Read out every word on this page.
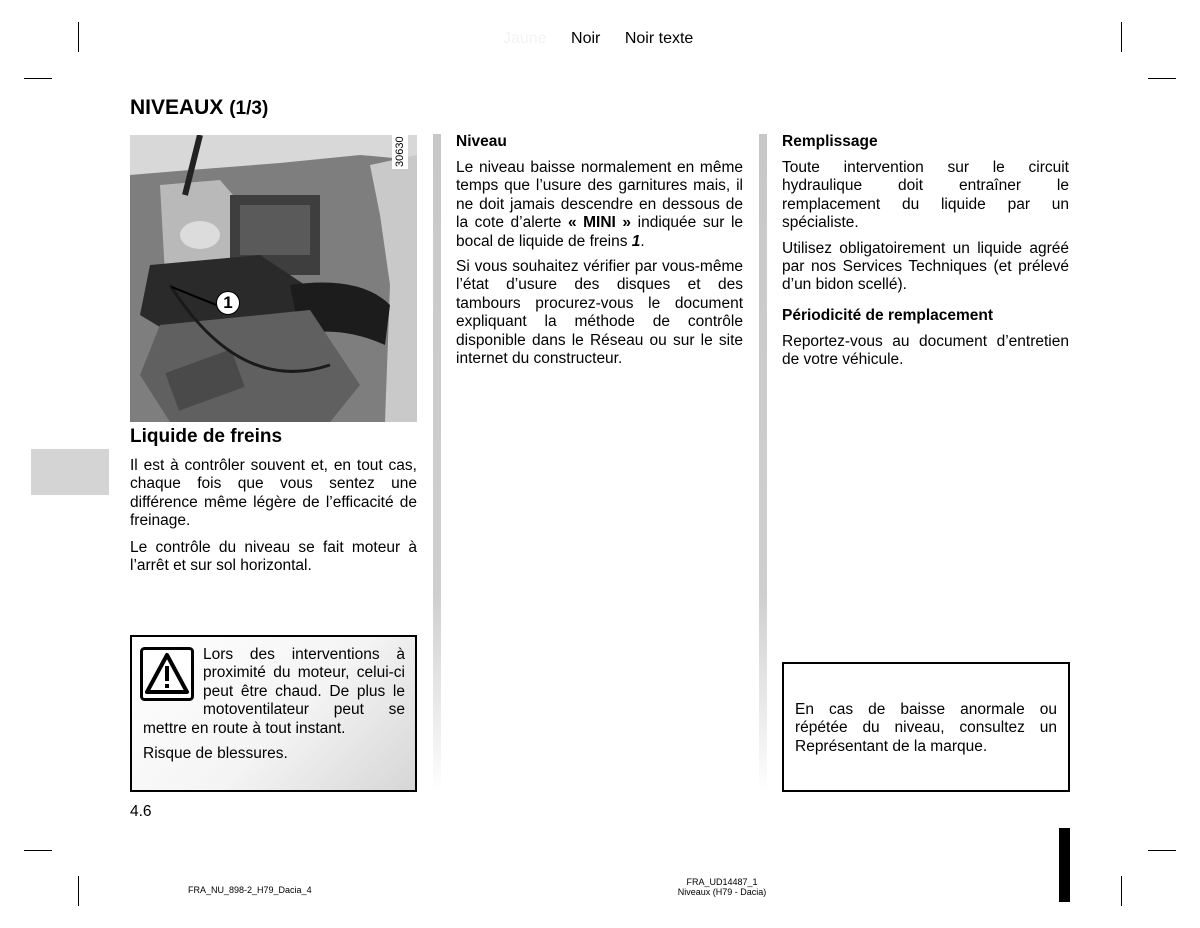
Jaune Noir Noir texte
NIVEAUX (1/3)
1
30630
Liquide de freins

Il est à contrôler souvent et, en tout cas, chaque fois que vous sentez une différence même légère de l’efficacité de freinage.

Le contrôle du niveau se fait moteur à l’arrêt et sur sol horizontal.

Lors des interventions à proximité du moteur, celui-ci peut être chaud. De plus le motoventilateur peut se mettre en route à tout instant.

Risque de blessures.

Niveau

Le niveau baisse normalement en même temps que l’usure des garnitures mais, il ne doit jamais descendre en dessous de la cote d’alerte « MINI » indiquée sur le bocal de liquide de freins 1.

Si vous souhaitez vérifier par vous-même l’état d’usure des disques et des tambours procurez-vous le document expliquant la méthode de contrôle disponible dans le Réseau ou sur le site internet du constructeur.

Remplissage

Toute intervention sur le circuit hydraulique doit entraîner le remplacement du liquide par un spécialiste.

Utilisez obligatoirement un liquide agréé par nos Services Techniques (et prélevé d’un bidon scellé).

Périodicité de remplacement

Reportez-vous au document d’entretien de votre véhicule.

En cas de baisse anormale ou répétée du niveau, consultez un Représentant de la marque.
4.6
FRA_NU_898-2_H79_Dacia_4
FRA_UD14487_1
Niveaux (H79 - Dacia)
